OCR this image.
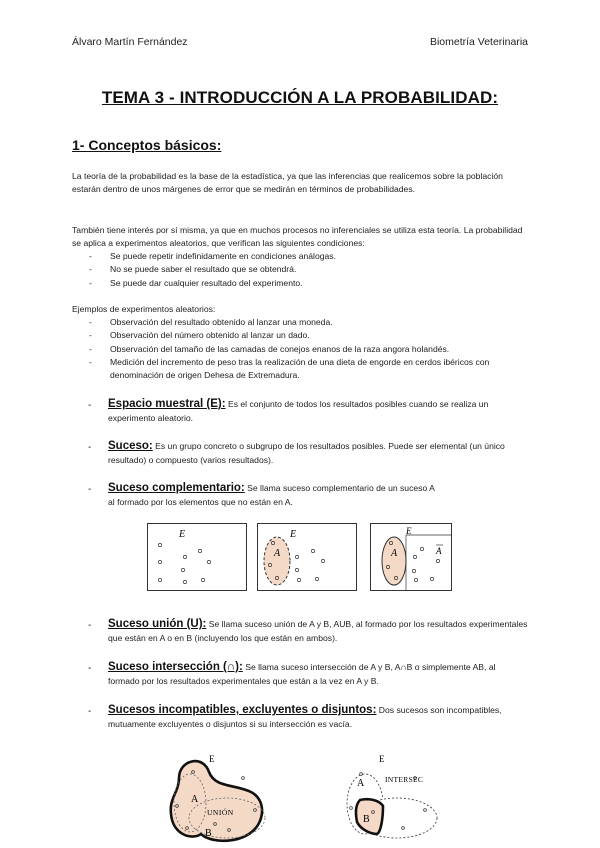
Álvaro Martín Fernández	Biometría Veterinaria
TEMA 3 - INTRODUCCIÓN A LA PROBABILIDAD:
1- Conceptos básicos:
La teoría de la probabilidad es la base de la estadística, ya que las inferencias que realicemos sobre la población estarán dentro de unos márgenes de error que se medirán en términos de probabilidades.
También tiene interés por sí misma, ya que en muchos procesos no inferenciales se utiliza esta teoría. La probabilidad se aplica a experimentos aleatorios, que verifican las siguientes condiciones:
- Se puede repetir indefinidamente en condiciones análogas.
- No se puede saber el resultado que se obtendrá.
- Se puede dar cualquier resultado del experimento.
Ejemplos de experimentos aleatorios:
- Observación del resultado obtenido al lanzar una moneda.
- Observación del número obtenido al lanzar un dado.
- Observación del tamaño de las camadas de conejos enanos de la raza angora holandés.
- Medición del incremento de peso tras la realización de una dieta de engorde en cerdos ibéricos con denominación de origen Dehesa de Extremadura.
- Espacio muestral (E): Es el conjunto de todos los resultados posibles cuando se realiza un experimento aleatorio.
- Suceso: Es un grupo concreto o subgrupo de los resultados posibles. Puede ser elemental (un único resultado) o compuesto (varios resultados).
- Suceso complementario: Se llama suceso complementario de un suceso A al formado por los elementos que no están en A.
E	E
A
E
A	A
- Suceso unión (U): Se llama suceso unión de A y B, AUB, al formado por los resultados experimentales que están en A o en B (incluyendo los que están en ambos).
- Suceso intersección (∩): Se llama suceso intersección de A y B, A∩B o simplemente AB, al formado por los resultados experimentales que están a la vez en A y B.
- Sucesos incompatibles, excluyentes o disjuntos: Dos sucesos son incompatibles, mutuamente excluyentes o disjuntos si su intersección es vacía.
E
A
UNIÓN
B
E
A	INTERSEC
B
